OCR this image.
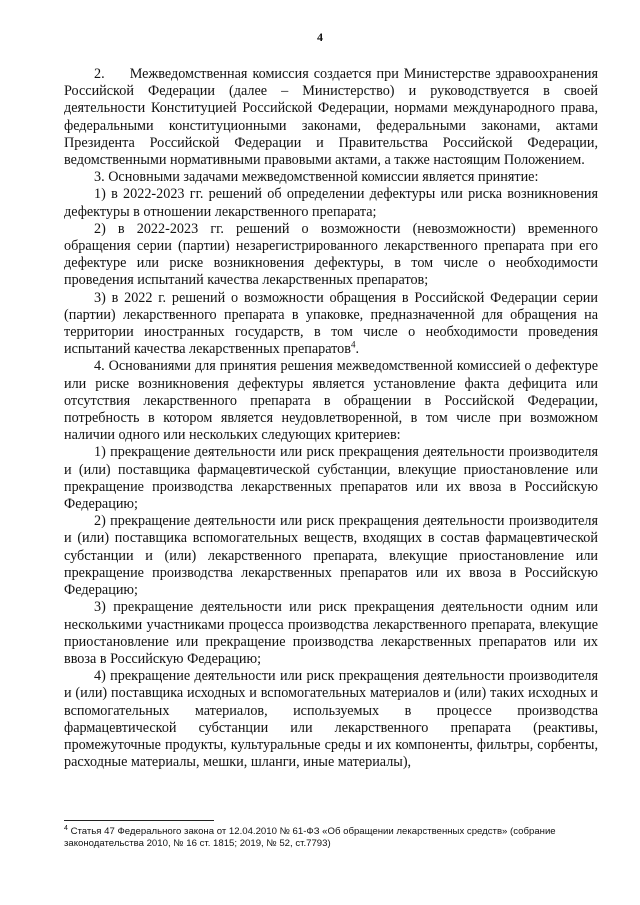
4

2.     Межведомственная комиссия создается при Министерстве здравоохранения Российской Федерации (далее – Министерство) и руководствуется в своей деятельности Конституцией Российской Федерации, нормами международного права, федеральными конституционными законами, федеральными законами, актами Президента Российской Федерации и Правительства Российской Федерации, ведомственными нормативными правовыми актами, а также настоящим Положением.

3. Основными задачами межведомственной комиссии является принятие:

1) в 2022-2023 гг. решений об определении дефектуры или риска возникновения дефектуры в отношении лекарственного препарата;

2) в 2022-2023 гг. решений о возможности (невозможности) временного обращения серии (партии) незарегистрированного лекарственного препарата при его дефектуре или риске возникновения дефектуры, в том числе о необходимости проведения испытаний качества лекарственных препаратов;

3) в 2022 г. решений о возможности обращения в Российской Федерации серии (партии) лекарственного препарата в упаковке, предназначенной для обращения на территории иностранных государств, в том числе о необходимости проведения испытаний качества лекарственных препаратов$^4$.

4. Основаниями для принятия решения межведомственной комиссией о дефектуре или риске возникновения дефектуры является установление факта дефицита или отсутствия лекарственного препарата в обращении в Российской Федерации, потребность в котором является неудовлетворенной, в том числе при возможном наличии одного или нескольких следующих критериев:

1) прекращение деятельности или риск прекращения деятельности производителя и (или) поставщика фармацевтической субстанции, влекущие приостановление или прекращение производства лекарственных препаратов или их ввоза в Российскую Федерацию;

2) прекращение деятельности или риск прекращения деятельности производителя и (или) поставщика вспомогательных веществ, входящих в состав фармацевтической субстанции и (или) лекарственного препарата, влекущие приостановление или прекращение производства лекарственных препаратов или их ввоза в Российскую Федерацию;

3) прекращение деятельности или риск прекращения деятельности одним или несколькими участниками процесса производства лекарственного препарата, влекущие приостановление или прекращение производства лекарственных препаратов или их ввоза в Российскую Федерацию;

4) прекращение деятельности или риск прекращения деятельности производителя и (или) поставщика исходных и вспомогательных материалов и (или) таких исходных и вспомогательных материалов, используемых в процессе производства фармацевтической субстанции или лекарственного препарата (реактивы, промежуточные продукты, культуральные среды и их компоненты, фильтры, сорбенты, расходные материалы, мешки, шланги, иные материалы),

$^4$ Статья 47 Федерального закона от 12.04.2010 № 61-ФЗ «Об обращении лекарственных средств» (собрание законодательства 2010, № 16 ст. 1815; 2019, № 52, ст.7793)
